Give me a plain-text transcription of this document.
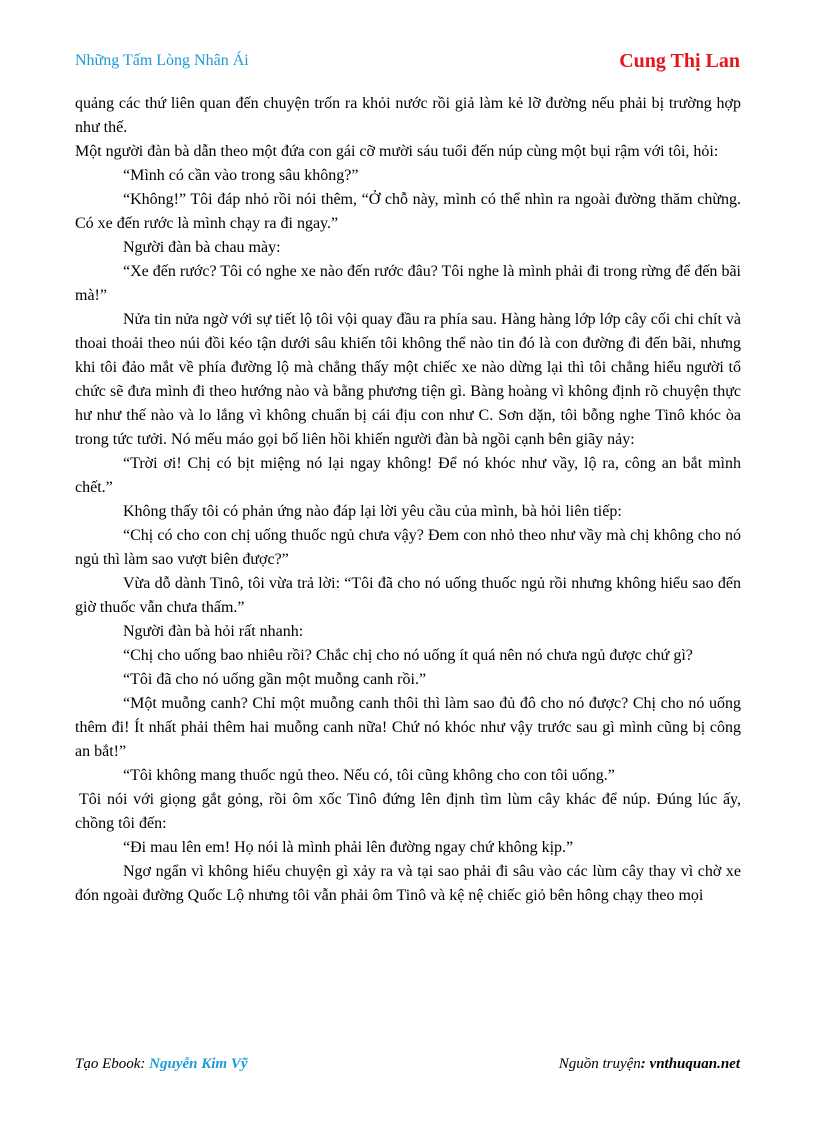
Những Tấm Lòng Nhân Ái	Cung Thị Lan

quảng các thứ liên quan đến chuyện trốn ra khỏi nước rồi giả làm kẻ lỡ đường nếu phải bị trường hợp như thế.

Một người đàn bà dẫn theo một đứa con gái cỡ mười sáu tuổi đến núp cùng một bụi rậm với tôi, hỏi:

“Mình có cần vào trong sâu không?”

“Không!” Tôi đáp nhỏ rồi nói thêm, “Ở chỗ này, mình có thể nhìn ra ngoài đường thăm chừng. Có xe đến rước là mình chạy ra đi ngay.”

Người đàn bà chau mày:

“Xe đến rước? Tôi có nghe xe nào đến rước đâu? Tôi nghe là mình phải đi trong rừng để đến bãi mà!”

Nửa tin nửa ngờ với sự tiết lộ tôi vội quay đầu ra phía sau. Hàng hàng lớp lớp cây cối chi chít và thoai thoải theo núi đồi kéo tận dưới sâu khiến tôi không thể nào tin đó là con đường đi đến bãi, nhưng khi tôi đảo mắt về phía đường lộ mà chẳng thấy một chiếc xe nào dừng lại thì tôi chẳng hiểu người tổ chức sẽ đưa mình đi theo hướng nào và bằng phương tiện gì. Bàng hoàng vì không định rõ chuyện thực hư như thế nào và lo lắng vì không chuẩn bị cái địu con như C. Sơn dặn, tôi bỗng nghe Tinô khóc òa trong tức tưởi. Nó mếu máo gọi bố liên hồi khiến người đàn bà ngồi cạnh bên giãy nảy:

“Trời ơi! Chị có bịt miệng nó lại ngay không! Để nó khóc như vầy, lộ ra, công an bắt mình chết.”

Không thấy tôi có phản ứng nào đáp lại lời yêu cầu của mình, bà hỏi liên tiếp:

“Chị có cho con chị uống thuốc ngủ chưa vậy? Đem con nhỏ theo như vầy mà chị không cho nó ngủ thì làm sao vượt biên được?”

Vừa dỗ dành Tinô, tôi vừa trả lời: “Tôi đã cho nó uống thuốc ngủ rồi nhưng không hiểu sao đến giờ thuốc vẫn chưa thấm.”

Người đàn bà hỏi rất nhanh:

“Chị cho uống bao nhiêu rồi? Chắc chị cho nó uống ít quá nên nó chưa ngủ được chứ gì?

“Tôi đã cho nó uống gần một muỗng canh rồi.”

“Một muỗng canh? Chỉ một muỗng canh thôi thì làm sao đủ đô cho nó được? Chị cho nó uống thêm đi! Ít nhất phải thêm hai muỗng canh nữa! Chứ nó khóc như vậy trước sau gì mình cũng bị công an bắt!”

“Tôi không mang thuốc ngủ theo. Nếu có, tôi cũng không cho con tôi uống.”

Tôi nói với giọng gắt gỏng, rồi ôm xốc Tinô đứng lên định tìm lùm cây khác để núp. Đúng lúc ấy, chồng tôi đến:

“Đi mau lên em! Họ nói là mình phải lên đường ngay chứ không kịp.”

Ngơ ngẩn vì không hiểu chuyện gì xảy ra và tại sao phải đi sâu vào các lùm cây thay vì chờ xe đón ngoài đường Quốc Lộ nhưng tôi vẫn phải ôm Tinô và kệ nệ chiếc giỏ bên hông chạy theo mọi

Tạo Ebook: Nguyễn Kim Vỹ	Nguồn truyện: vnthuquan.net
